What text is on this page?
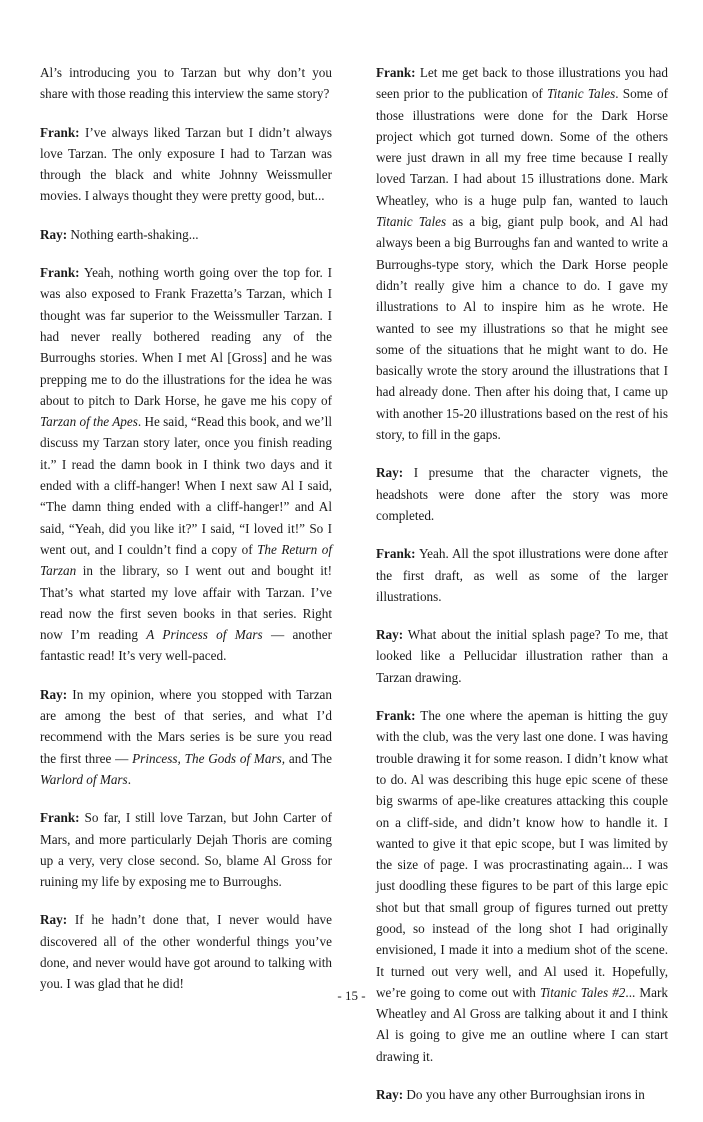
Al’s introducing you to Tarzan but why don’t you share with those reading this interview the same story?

Frank: I’ve always liked Tarzan but I didn’t always love Tarzan. The only exposure I had to Tarzan was through the black and white Johnny Weissmuller movies. I always thought they were pretty good, but...

Ray: Nothing earth-shaking...

Frank: Yeah, nothing worth going over the top for. I was also exposed to Frank Frazetta’s Tarzan, which I thought was far superior to the Weissmuller Tarzan. I had never really bothered reading any of the Burroughs stories. When I met Al [Gross] and he was prepping me to do the illustrations for the idea he was about to pitch to Dark Horse, he gave me his copy of Tarzan of the Apes. He said, “Read this book, and we’ll discuss my Tarzan story later, once you finish reading it.” I read the damn book in I think two days and it ended with a cliff-hanger! When I next saw Al I said, “The damn thing ended with a cliff-hanger!” and Al said, “Yeah, did you like it?” I said, “I loved it!” So I went out, and I couldn’t find a copy of The Return of Tarzan in the library, so I went out and bought it! That’s what started my love affair with Tarzan. I’ve read now the first seven books in that series. Right now I’m reading A Princess of Mars — another fantastic read! It’s very well-paced.

Ray: In my opinion, where you stopped with Tarzan are among the best of that series, and what I’d recommend with the Mars series is be sure you read the first three — Princess, The Gods of Mars, and The Warlord of Mars.

Frank: So far, I still love Tarzan, but John Carter of Mars, and more particularly Dejah Thoris are coming up a very, very close second. So, blame Al Gross for ruining my life by exposing me to Burroughs.

Ray: If he hadn’t done that, I never would have discovered all of the other wonderful things you’ve done, and never would have got around to talking with you. I was glad that he did!

Frank: Let me get back to those illustrations you had seen prior to the publication of Titanic Tales. Some of those illustrations were done for the Dark Horse project which got turned down. Some of the others were just drawn in all my free time because I really loved Tarzan. I had about 15 illustrations done. Mark Wheatley, who is a huge pulp fan, wanted to lauch Titanic Tales as a big, giant pulp book, and Al had always been a big Burroughs fan and wanted to write a Burroughs-type story, which the Dark Horse people didn’t really give him a chance to do. I gave my illustrations to Al to inspire him as he wrote. He wanted to see my illustrations so that he might see some of the situations that he might want to do. He basically wrote the story around the illustrations that I had already done. Then after his doing that, I came up with another 15-20 illustrations based on the rest of his story, to fill in the gaps.

Ray: I presume that the character vignets, the headshots were done after the story was more completed.

Frank: Yeah. All the spot illustrations were done after the first draft, as well as some of the larger illustrations.

Ray: What about the initial splash page? To me, that looked like a Pellucidar illustration rather than a Tarzan drawing.

Frank: The one where the apeman is hitting the guy with the club, was the very last one done. I was having trouble drawing it for some reason. I didn’t know what to do. Al was describing this huge epic scene of these big swarms of ape-like creatures attacking this couple on a cliff-side, and didn’t know how to handle it. I wanted to give it that epic scope, but I was limited by the size of page. I was procrastinating again... I was just doodling these figures to be part of this large epic shot but that small group of figures turned out pretty good, so instead of the long shot I had originally envisioned, I made it into a medium shot of the scene. It turned out very well, and Al used it. Hopefully, we’re going to come out with Titanic Tales #2... Mark Wheatley and Al Gross are talking about it and I think Al is going to give me an outline where I can start drawing it.

Ray: Do you have any other Burroughsian irons in

- 15 -
